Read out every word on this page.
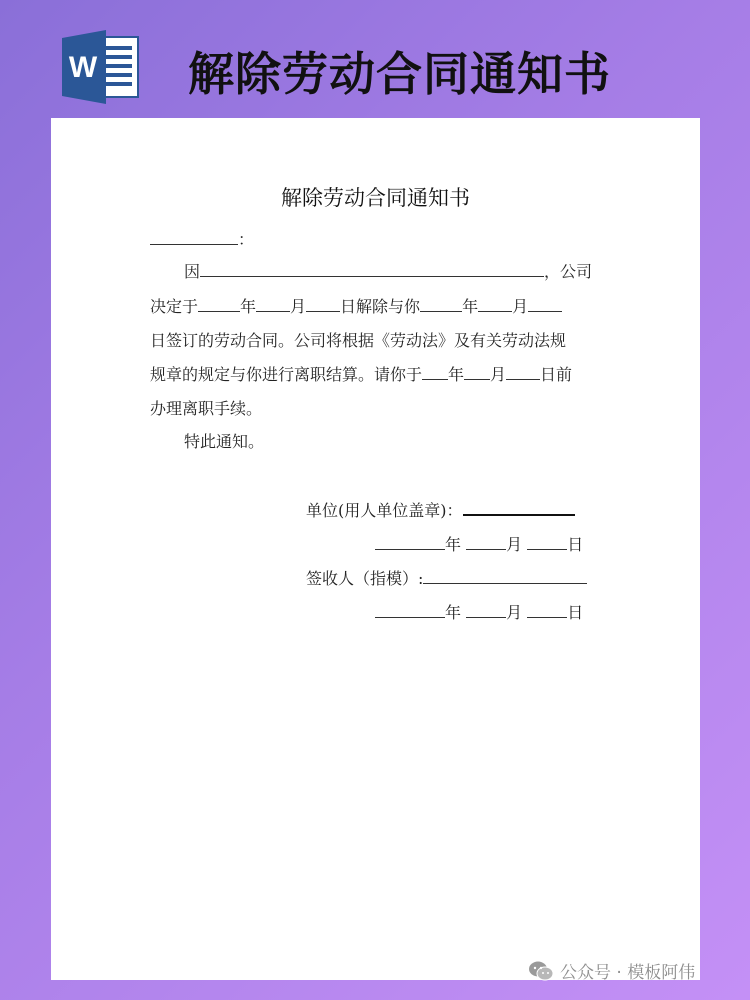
W 解除劳动合同通知书
解除劳动合同通知书
：
因	，公司
决定于	年 月 日解除与你	年 月
日签订的劳动合同。公司将根据《劳动法》及有关劳动法规
规章的规定与你进行离职结算。请你于 年 月 日前
办理离职手续。
特此通知。
单位(用人单位盖章)：
年	月	日
签收人（指模）:
年	月	日
公众号 · 模板阿伟
